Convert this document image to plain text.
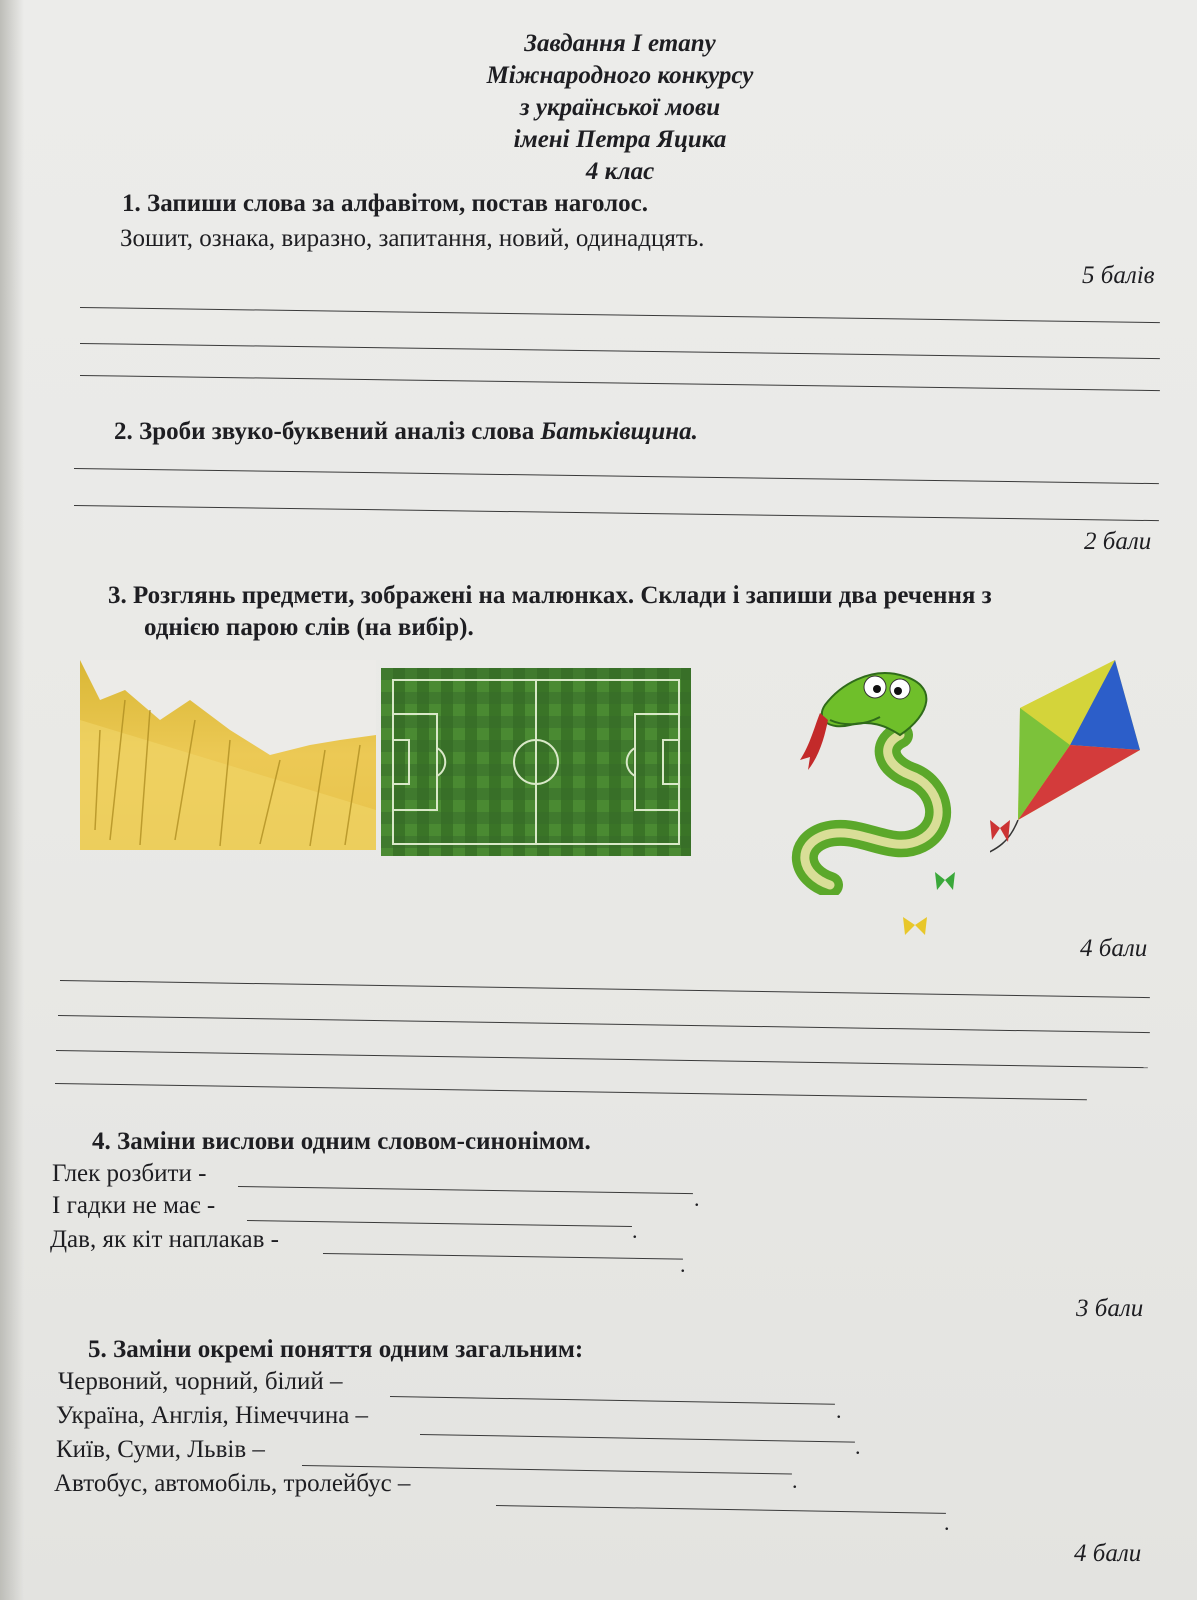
Завдання І етапу
Міжнародного конкурсу
з української мови
імені Петра Яцика
4 клас
1. Запиши слова за алфавітом, постав наголос.
Зошит, ознака, виразно, запитання, новий, одинадцять.
5 балів
2. Зроби звуко-буквений аналіз слова Батьківщина.
2 бали
3. Розглянь предмети, зображені на малюнках. Склади і запиши два речення з
однією парою слів (на вибір).
4 бали
4. Заміни вислови одним словом-синонімом.
Глек розбити -
.
І гадки не має -
.
Дав, як кіт наплакав -
.
3 бали
5. Заміни окремі поняття одним загальним:
Червоний, чорний, білий –
.
Україна, Англія, Німеччина –
.
Київ, Суми, Львів –
.
Автобус, автомобіль, тролейбус –
.
4 бали
